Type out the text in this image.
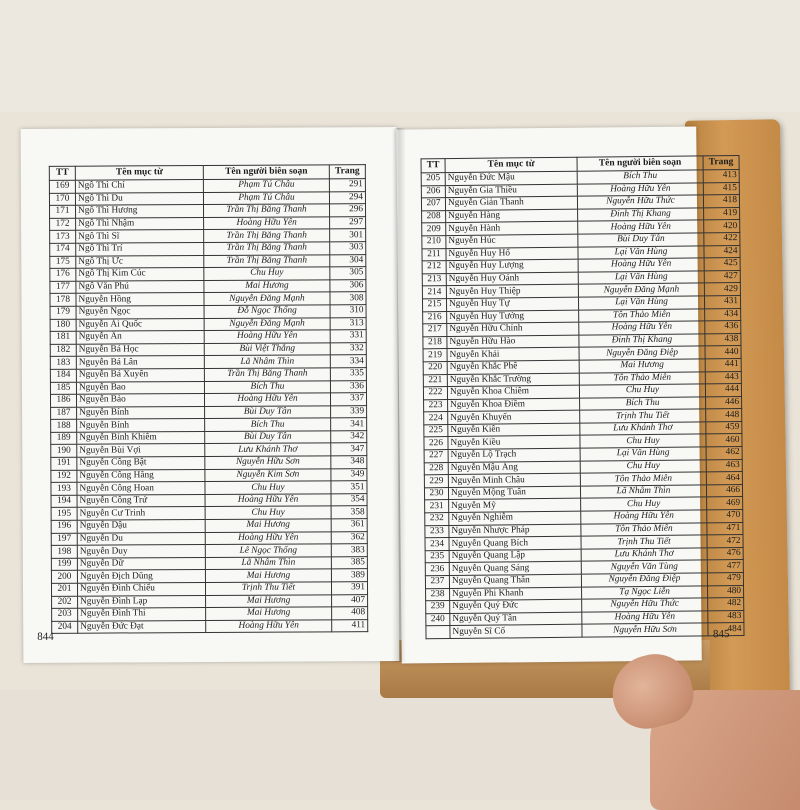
TT	Tên mục từ	Tên người biên soạn	Trang
169	Ngô Thì Chí	Phạm Tú Châu	291
170	Ngô Thì Du	Phạm Tú Châu	294
171	Ngô Thì Hương	Trần Thị Băng Thanh	296
172	Ngô Thì Nhậm	Hoàng Hữu Yên	297
173	Ngô Thì Sĩ	Trần Thị Băng Thanh	301
174	Ngô Thì Trí	Trần Thị Băng Thanh	303
175	Ngô Thị Ức	Trần Thị Băng Thanh	304
176	Ngô Thị Kim Cúc	Chu Huy	305
177	Ngô Văn Phú	Mai Hương	306
178	Nguyễn Hồng	Nguyễn Đăng Mạnh	308
179	Nguyễn Ngọc	Đỗ Ngọc Thống	310
180	Nguyễn Ái Quốc	Nguyễn Đăng Mạnh	313
181	Nguyễn Ân	Hoàng Hữu Yên	331
182	Nguyễn Bá Học	Bùi Việt Thắng	332
183	Nguyễn Bá Lân	Lã Nhâm Thìn	334
184	Nguyễn Bá Xuyên	Trần Thị Băng Thanh	335
185	Nguyễn Bao	Bích Thu	336
186	Nguyễn Bảo	Hoàng Hữu Yên	337
187	Nguyễn Bính	Bùi Duy Tân	339
188	Nguyễn Bính	Bích Thu	341
189	Nguyễn Bỉnh Khiêm	Bùi Duy Tân	342
190	Nguyễn Bùi Vợi	Lưu Khánh Thơ	347
191	Nguyễn Công Bật	Nguyễn Hữu Sơn	348
192	Nguyễn Công Hãng	Nguyễn Kim Sơn	349
193	Nguyễn Công Hoan	Chu Huy	351
194	Nguyễn Công Trứ	Hoàng Hữu Yên	354
195	Nguyễn Cư Trinh	Chu Huy	358
196	Nguyễn Dậu	Mai Hương	361
197	Nguyễn Du	Hoàng Hữu Yên	362
198	Nguyễn Duy	Lê Ngọc Thống	383
199	Nguyễn Dữ	Lã Nhâm Thìn	385
200	Nguyễn Địch Dũng	Mai Hương	389
201	Nguyễn Đình Chiểu	Trịnh Thu Tiết	391
202	Nguyễn Đình Lạp	Mai Hương	407
203	Nguyễn Đình Thi	Mai Hương	408
204	Nguyễn Đức Đạt	Hoàng Hữu Yên	411
844
TT	Tên mục từ	Tên người biên soạn	Trang
205	Nguyễn Đức Mậu	Bích Thu	413
206	Nguyễn Gia Thiều	Hoàng Hữu Yên	415
207	Nguyễn Giản Thanh	Nguyễn Hữu Thức	418
208	Nguyễn Hàng	Đinh Thị Khang	419
209	Nguyễn Hành	Hoàng Hữu Yên	420
210	Nguyễn Húc	Bùi Duy Tân	422
211	Nguyễn Huy Hổ	Lại Văn Hùng	424
212	Nguyễn Huy Lượng	Hoàng Hữu Yên	425
213	Nguyễn Huy Oánh	Lại Văn Hùng	427
214	Nguyễn Huy Thiệp	Nguyễn Đăng Mạnh	429
215	Nguyễn Huy Tự	Lại Văn Hùng	431
216	Nguyễn Huy Tưởng	Tôn Thảo Miên	434
217	Nguyễn Hữu Chỉnh	Hoàng Hữu Yên	436
218	Nguyễn Hữu Hào	Đinh Thị Khang	438
219	Nguyễn Khải	Nguyễn Đăng Điệp	440
220	Nguyễn Khắc Phê	Mai Hương	441
221	Nguyễn Khắc Trường	Tôn Thảo Miên	443
222	Nguyễn Khoa Chiêm	Chu Huy	444
223	Nguyễn Khoa Điềm	Bích Thu	446
224	Nguyễn Khuyến	Trịnh Thu Tiết	448
225	Nguyễn Kiên	Lưu Khánh Thơ	459
226	Nguyễn Kiều	Chu Huy	460
227	Nguyễn Lộ Trạch	Lại Văn Hùng	462
228	Nguyễn Mậu Áng	Chu Huy	463
229	Nguyễn Minh Châu	Tôn Thảo Miên	464
230	Nguyễn Mộng Tuân	Lã Nhâm Thìn	466
231	Nguyễn Mỹ	Chu Huy	469
232	Nguyễn Nghiễm	Hoàng Hữu Yên	470
233	Nguyễn Nhược Pháp	Tôn Thảo Miên	471
234	Nguyễn Quang Bích	Trịnh Thu Tiết	472
235	Nguyễn Quang Lập	Lưu Khánh Thơ	476
236	Nguyễn Quang Sáng	Nguyễn Văn Tùng	477
237	Nguyễn Quang Thân	Nguyễn Đăng Điệp	479
238	Nguyễn Phi Khanh	Tạ Ngọc Liễn	480
239	Nguyễn Quý Đức	Nguyễn Hữu Thức	482
240	Nguyễn Quý Tân	Hoàng Hữu Yên	483
	Nguyễn Sĩ Cố	Nguyễn Hữu Sơn	484
845
